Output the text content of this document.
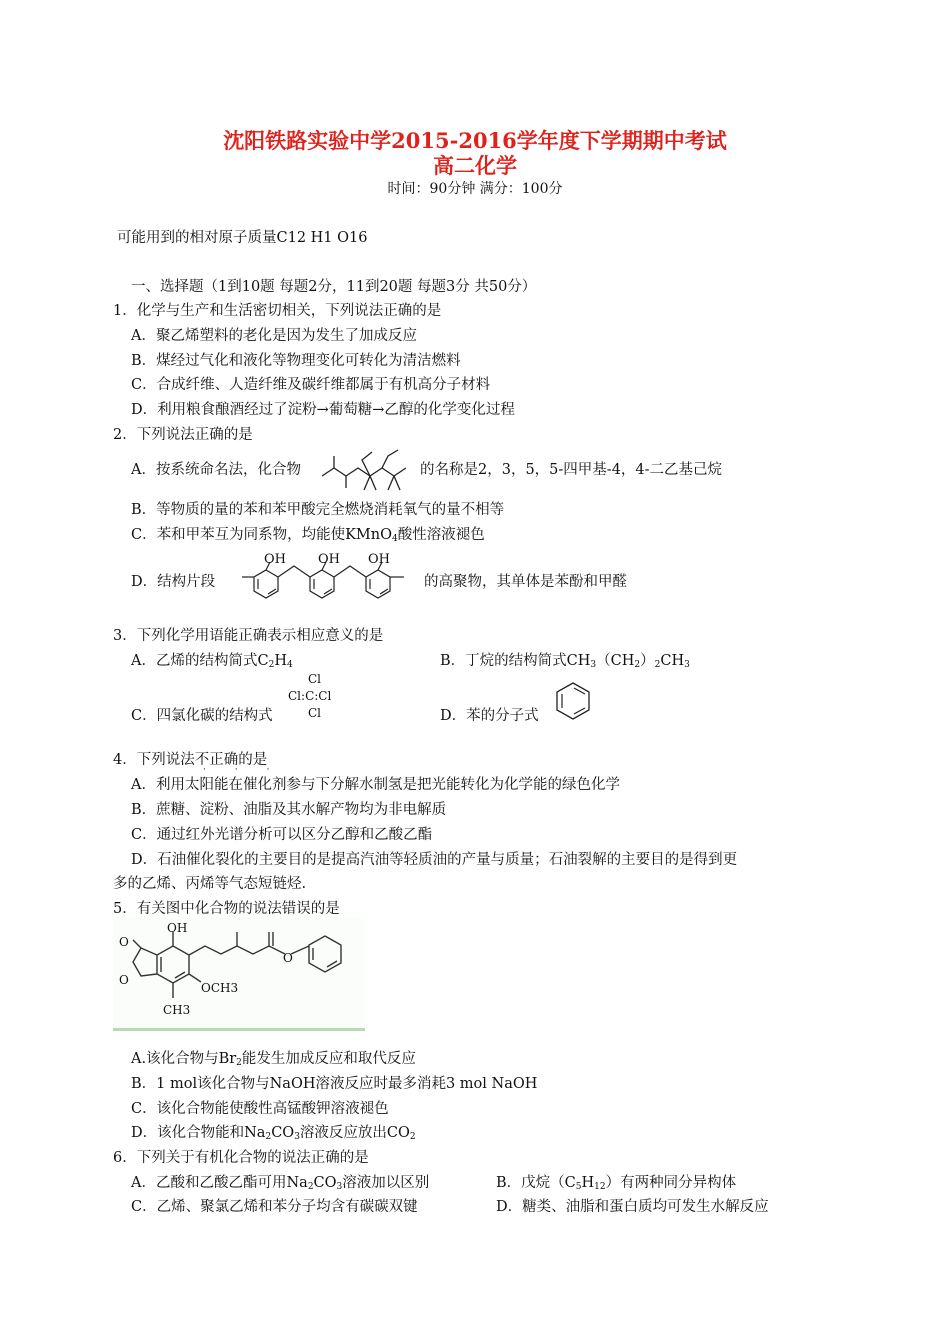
沈阳铁路实验中学2015-2016学年度下学期期中考试
高二化学
时间：90分钟 满分：100分
可能用到的相对原子质量C12 H1 O16
一、选择题（1到10题 每题2分，11到20题 每题3分 共50分）
1．化学与生产和生活密切相关，下列说法正确的是
A．聚乙烯塑料的老化是因为发生了加成反应
B．煤经过气化和液化等物理变化可转化为清洁燃料
C．合成纤维、人造纤维及碳纤维都属于有机高分子材料
D．利用粮食酿酒经过了淀粉→葡萄糖→乙醇的化学变化过程
2．下列说法正确的是
A．按系统命名法，化合物	的名称是2，3，5，5-四甲基-4，4-二乙基己烷
B．等物质的量的苯和苯甲酸完全燃烧消耗氧气的量不相等
C．苯和甲苯互为同系物，均能使KMnO$_4$酸性溶液褪色
D．结构片段
OH OH OH
的高聚物，其单体是苯酚和甲醛
3．下列化学用语能正确表示相应意义的是
A．乙烯的结构简式$C_2H_4$	B．丁烷的结构简式$CH_3(CH_2)_2CH_3$
Cl
Cl:C:Cl
Cl
C．四氯化碳的结构式	D．苯的分子式
4．下列说法不正确的是
· · ·
A．利用太阳能在催化剂参与下分解水制氢是把光能转化为化学能的绿色化学
B．蔗糖、淀粉、油脂及其水解产物均为非电解质
C．通过红外光谱分析可以区分乙醇和乙酸乙酯
D．石油催化裂化的主要目的是提高汽油等轻质油的产量与质量；石油裂解的主要目的是得到更
多的乙烯、丙烯等气态短链烃.
5．有关图中化合物的说法错误的是
O
OH
O
OCH3
CH3
O
A.该化合物与$Br_2$能发生加成反应和取代反应
B．1 mol该化合物与NaOH溶液反应时最多消耗3 mol NaOH
C．该化合物能使酸性高锰酸钾溶液褪色
D．该化合物能和$Na_2CO_3$溶液反应放出$CO_2$
6．下列关于有机化合物的说法正确的是
A．乙酸和乙酸乙酯可用$Na_2CO_3$溶液加以区别	B．戊烷$(C_5H_{12})$有两种同分异构体
C．乙烯、聚氯乙烯和苯分子均含有碳碳双键	D．糖类、油脂和蛋白质均可发生水解反应
